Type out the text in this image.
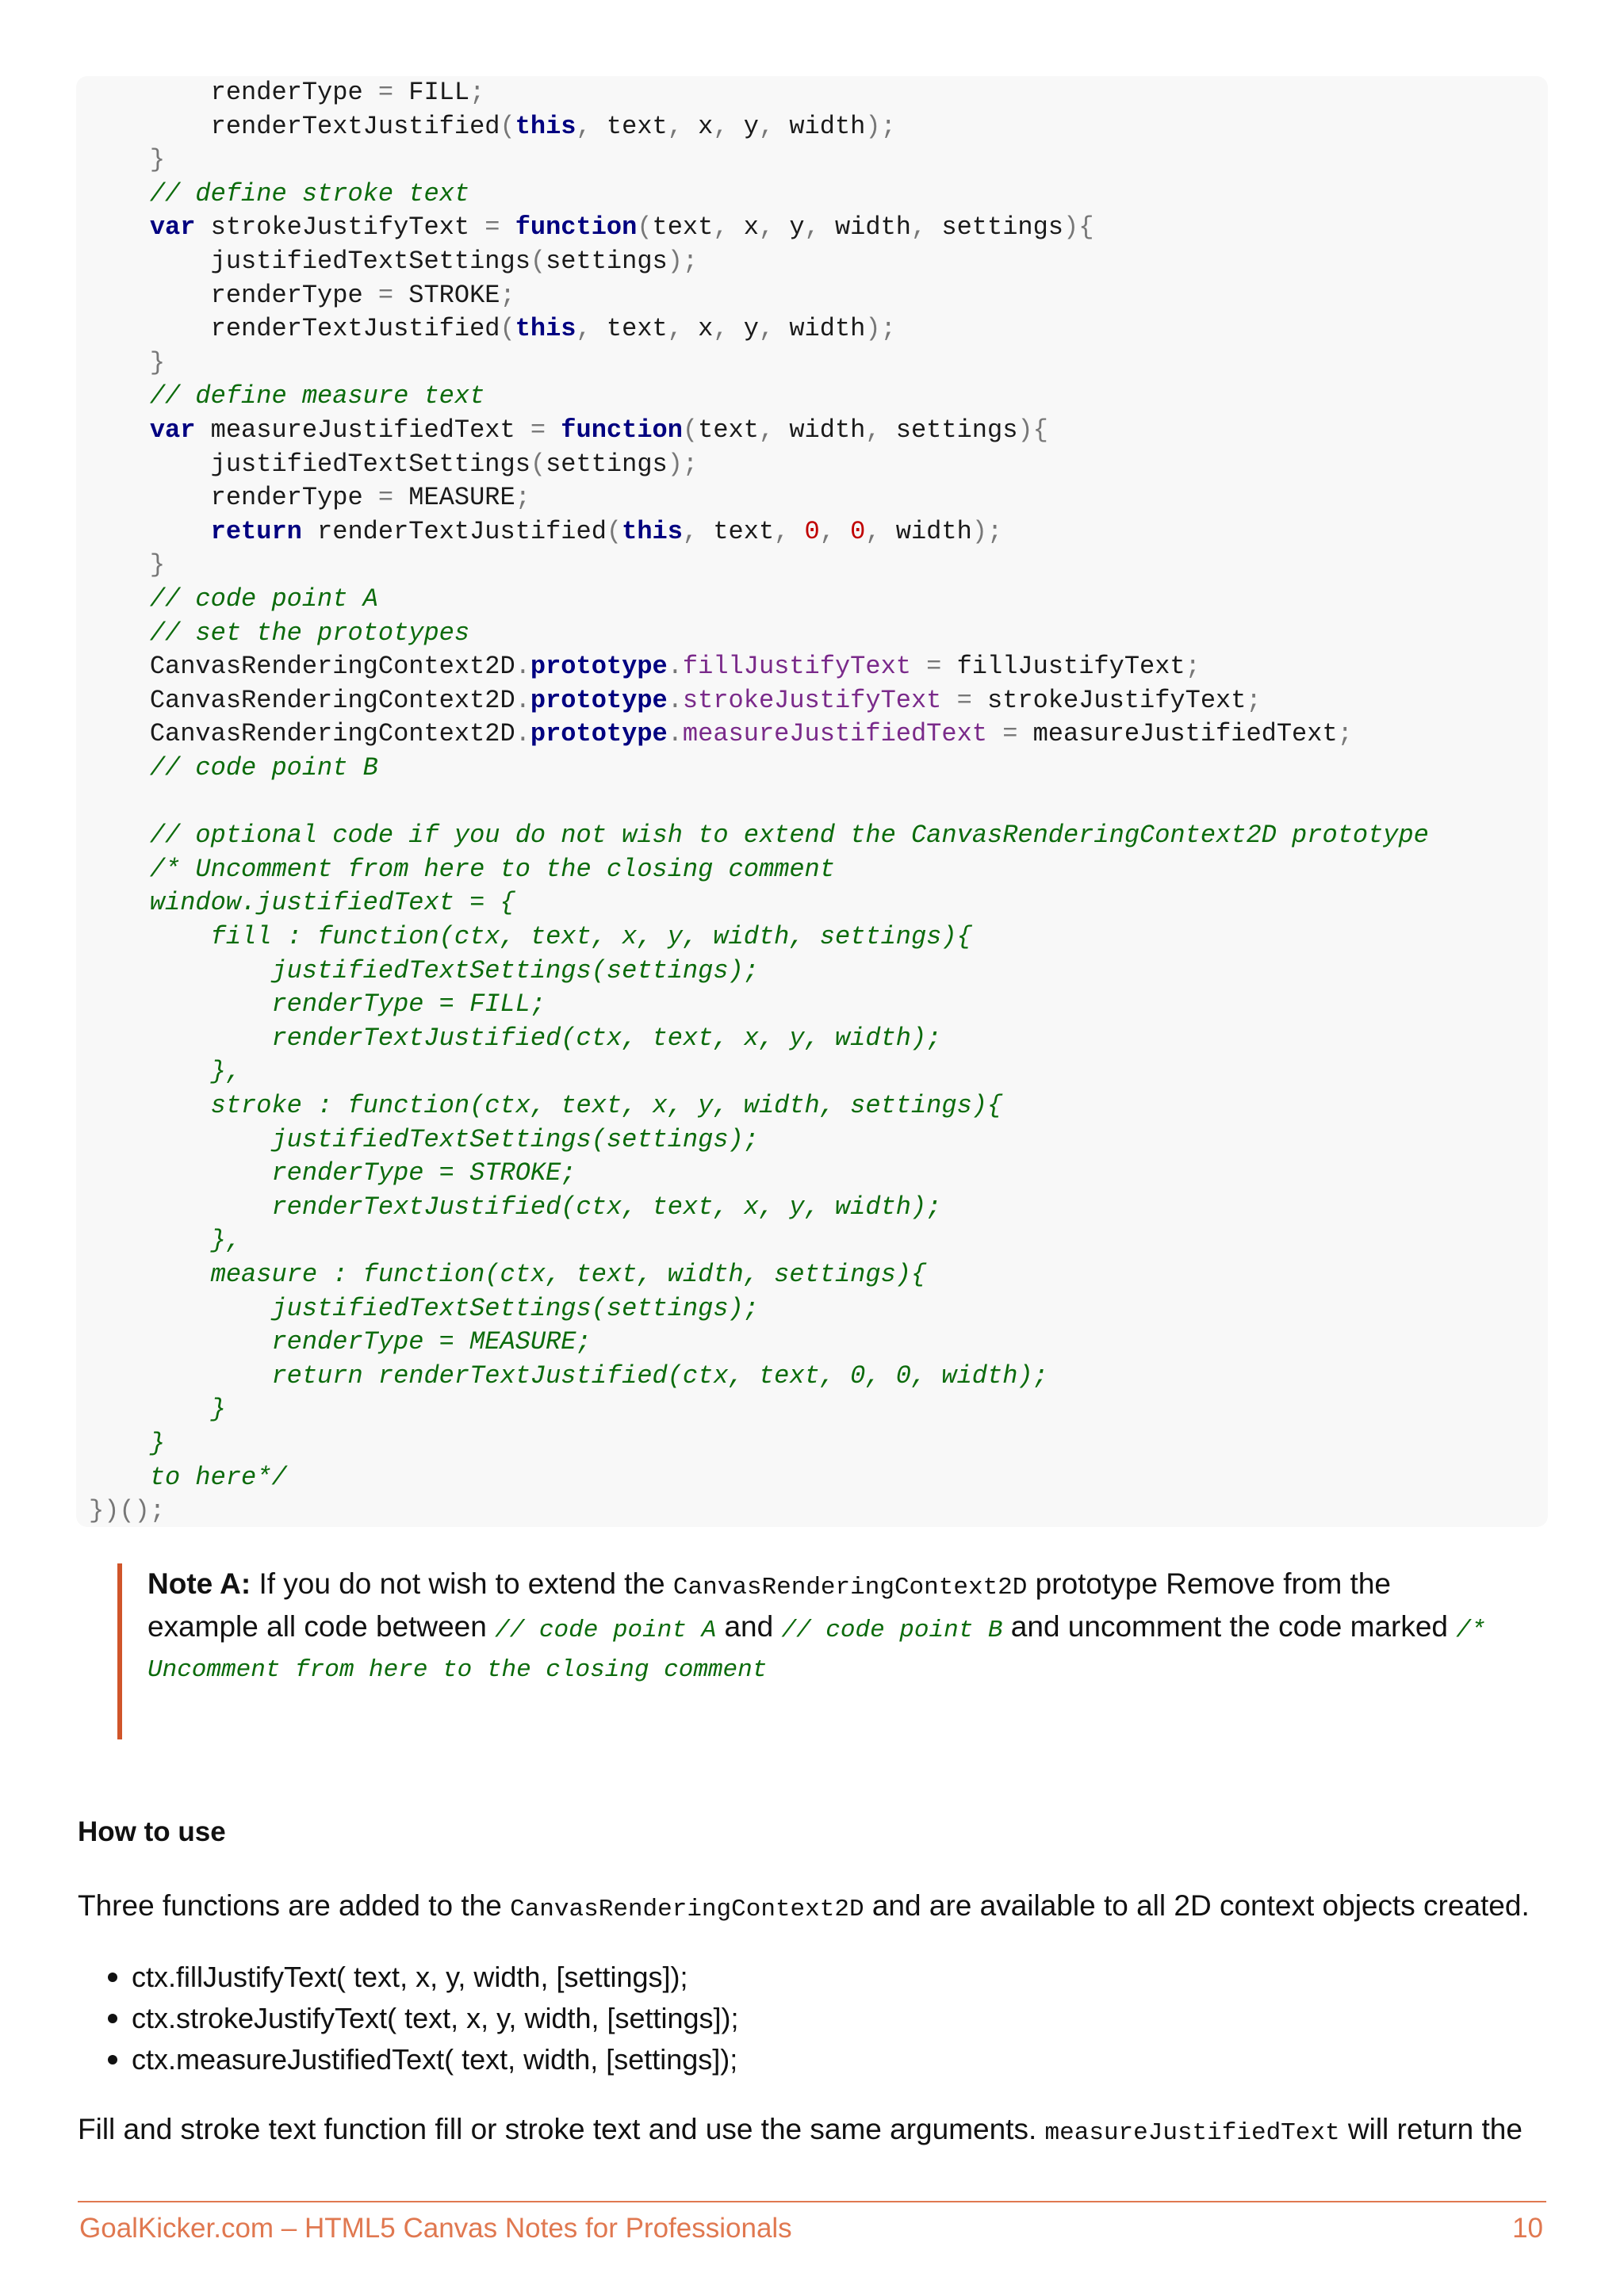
renderType = FILL;
renderTextJustified(this, text, x, y, width);
}
// define stroke text
var strokeJustifyText = function(text, x, y, width, settings){
justifiedTextSettings(settings);
renderType = STROKE;
renderTextJustified(this, text, x, y, width);
}
// define measure text
var measureJustifiedText = function(text, width, settings){
justifiedTextSettings(settings);
renderType = MEASURE;
return renderTextJustified(this, text, 0, 0, width);
}
// code point A
// set the prototypes
CanvasRenderingContext2D.prototype.fillJustifyText = fillJustifyText;
CanvasRenderingContext2D.prototype.strokeJustifyText = strokeJustifyText;
CanvasRenderingContext2D.prototype.measureJustifiedText = measureJustifiedText;
// code point B
// optional code if you do not wish to extend the CanvasRenderingContext2D prototype
/* Uncomment from here to the closing comment
window.justifiedText = {
fill : function(ctx, text, x, y, width, settings){
justifiedTextSettings(settings);
renderType = FILL;
renderTextJustified(ctx, text, x, y, width);
},
stroke : function(ctx, text, x, y, width, settings){
justifiedTextSettings(settings);
renderType = STROKE;
renderTextJustified(ctx, text, x, y, width);
},
measure : function(ctx, text, width, settings){
justifiedTextSettings(settings);
renderType = MEASURE;
return renderTextJustified(ctx, text, 0, 0, width);
}
}
to here*/
})();
Note A: If you do not wish to extend the CanvasRenderingContext2D prototype Remove from the
example all code between // code point A and // code point B and uncomment the code marked /*
Uncomment from here to the closing comment
How to use
Three functions are added to the CanvasRenderingContext2D and are available to all 2D context objects created.
ctx.fillJustifyText( text, x, y, width, [settings]);
ctx.strokeJustifyText( text, x, y, width, [settings]);
ctx.measureJustifiedText( text, width, [settings]);
Fill and stroke text function fill or stroke text and use the same arguments. measureJustifiedText will return the
GoalKicker.com – HTML5 Canvas Notes for Professionals	10
